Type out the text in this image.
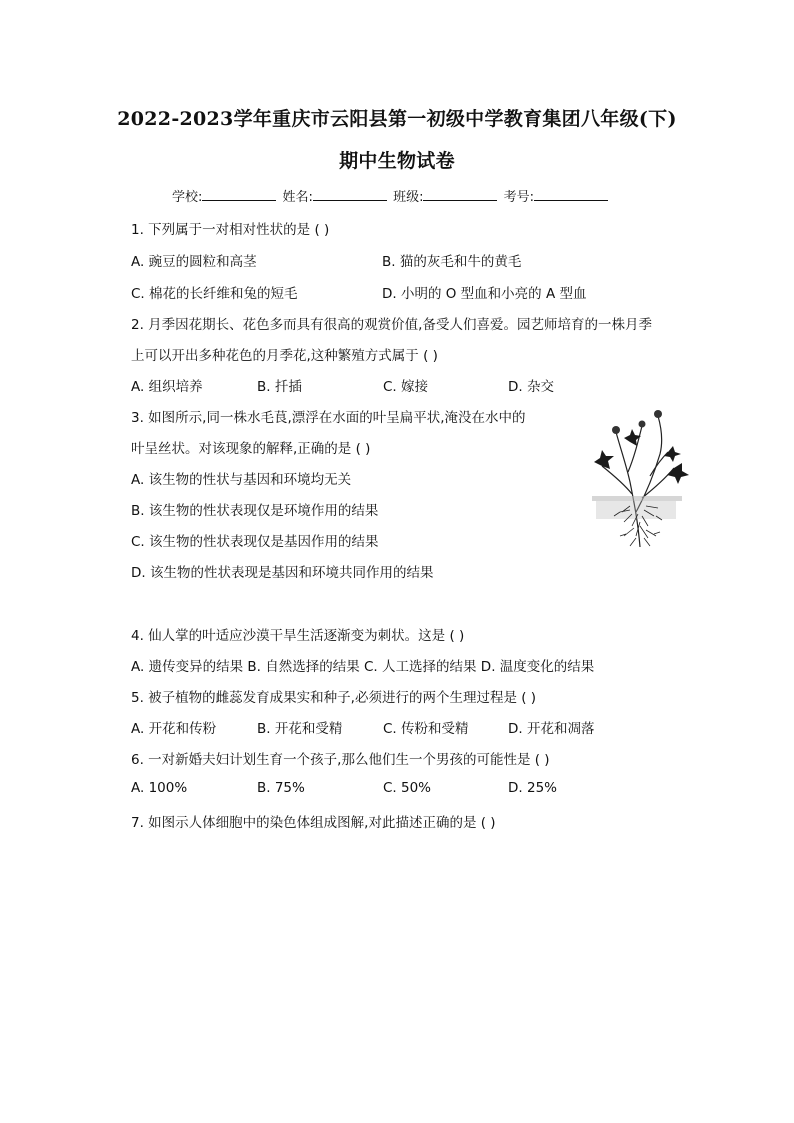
2022-2023学年重庆市云阳县第一初级中学教育集团八年级(下)
期中生物试卷
学校:	姓名:	班级:	考号:
1. 下列属于一对相对性状的是 ( )
A. 豌豆的圆粒和高茎	B. 猫的灰毛和牛的黄毛
C. 棉花的长纤维和兔的短毛	D. 小明的 O 型血和小亮的 A 型血
2. 月季因花期长、花色多而具有很高的观赏价值,备受人们喜爱。园艺师培育的一株月季
上可以开出多种花色的月季花,这种繁殖方式属于 ( )
A. 组织培养	B. 扦插	C. 嫁接	D. 杂交
3. 如图所示,同一株水毛茛,漂浮在水面的叶呈扁平状,淹没在水中的
叶呈丝状。对该现象的解释,正确的是 ( )
A. 该生物的性状与基因和环境均无关
B. 该生物的性状表现仅是环境作用的结果
C. 该生物的性状表现仅是基因作用的结果
D. 该生物的性状表现是基因和环境共同作用的结果
4. 仙人掌的叶适应沙漠干旱生活逐渐变为刺状。这是 ( )
A. 遗传变异的结果 B. 自然选择的结果 C. 人工选择的结果 D. 温度变化的结果
5. 被子植物的雌蕊发育成果实和种子,必须进行的两个生理过程是 ( )
A. 开花和传粉	B. 开花和受精	C. 传粉和受精	D. 开花和凋落
6. 一对新婚夫妇计划生育一个孩子,那么他们生一个男孩的可能性是 ( )
A. 100%	B. 75%	C. 50%	D. 25%
7. 如图示人体细胞中的染色体组成图解,对此描述正确的是 ( )
